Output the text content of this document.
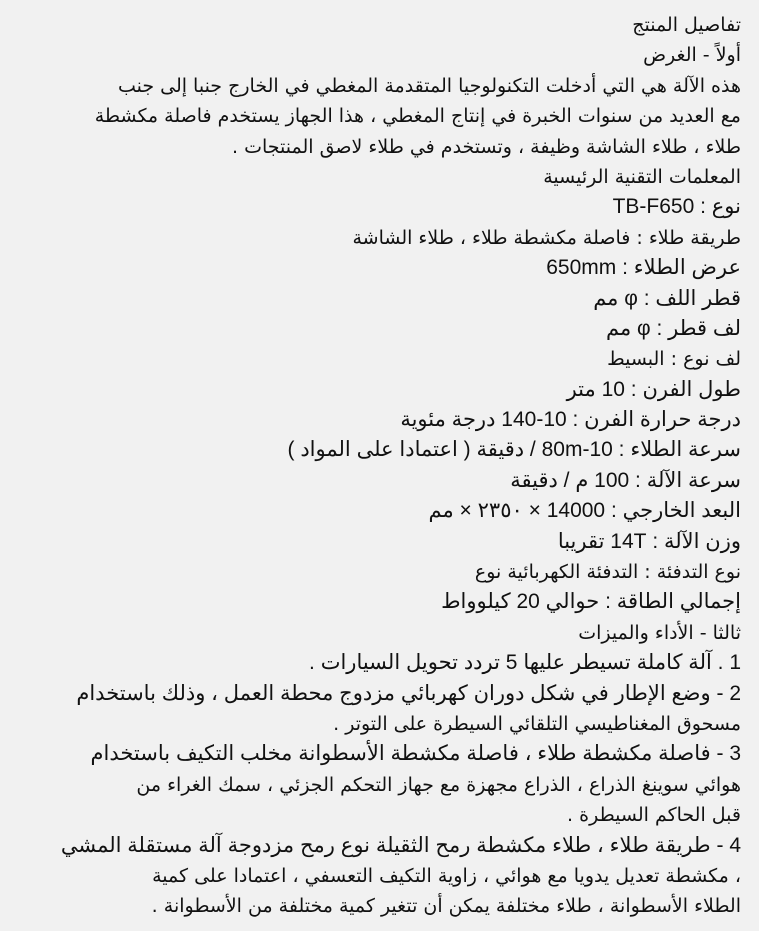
تفاصيل المنتج
أولاً - الغرض
هذه الآلة هي التي أدخلت التكنولوجيا المتقدمة المغطي في الخارج جنبا إلى جنب
مع العديد من سنوات الخبرة في إنتاج المغطي ، هذا الجهاز يستخدم فاصلة مكشطة
طلاء ، طلاء الشاشة وظيفة ، وتستخدم في طلاء لاصق المنتجات .
المعلمات التقنية الرئيسية
نوع : TB-F650
طريقة طلاء : فاصلة مكشطة طلاء ، طلاء الشاشة
عرض الطلاء : 650mm
قطر اللف : φ مم
لف قطر : φ مم
لف نوع : البسيط
طول الفرن : 10 متر
درجة حرارة الفرن : 10-140 درجة مئوية
سرعة الطلاء : 10-80m / دقيقة ( اعتمادا على المواد )
سرعة الآلة : 100 م / دقيقة
البعد الخارجي : 14000 × ٢٣٥٠ × مم
وزن الآلة : 14T تقريبا
نوع التدفئة : التدفئة الكهربائية نوع
إجمالي الطاقة : حوالي 20 كيلوواط
ثالثا - الأداء والميزات
1 . آلة كاملة تسيطر عليها 5 تردد تحويل السيارات .
2 - وضع الإطار في شكل دوران كهربائي مزدوج محطة العمل ، وذلك باستخدام
مسحوق المغناطيسي التلقائي السيطرة على التوتر .
3 - فاصلة مكشطة طلاء ، فاصلة مكشطة الأسطوانة مخلب التكيف باستخدام
هوائي سوينغ الذراع ، الذراع مجهزة مع جهاز التحكم الجزئي ، سمك الغراء من
قبل الحاكم السيطرة .
4 - طريقة طلاء ، طلاء مكشطة رمح الثقيلة نوع رمح مزدوجة آلة مستقلة المشي
، مكشطة تعديل يدويا مع هوائي ، زاوية التكيف التعسفي ، اعتمادا على كمية
الطلاء الأسطوانة ، طلاء مختلفة يمكن أن تتغير كمية مختلفة من الأسطوانة .
